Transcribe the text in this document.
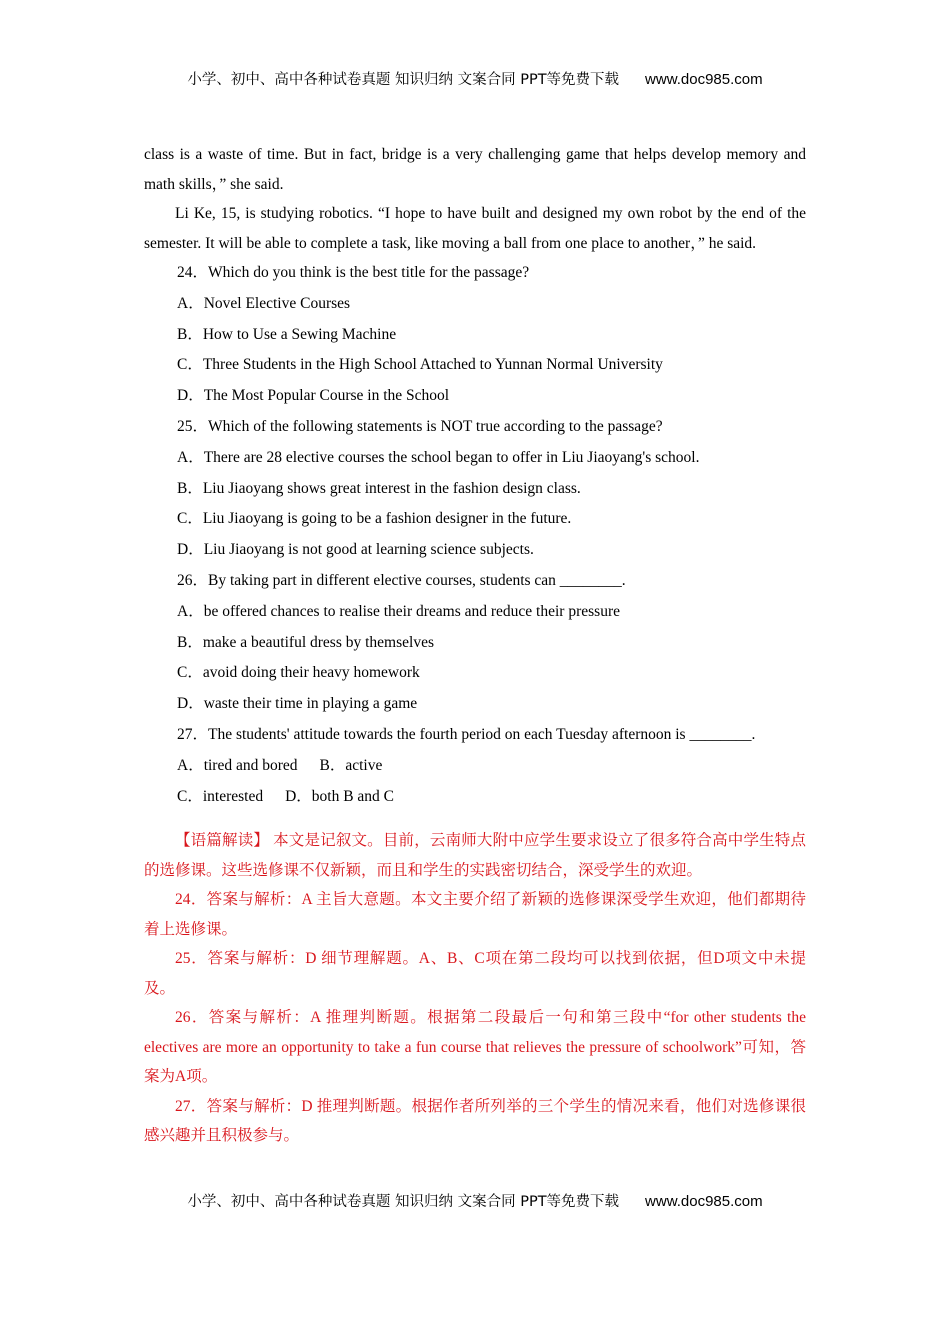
小学、初中、高中各种试卷真题 知识归纳 文案合同 PPT等免费下载 www.doc985.com

class is a waste of time. But in fact, bridge is a very challenging game that helps develop memory and math skills，” she said.

Li Ke, 15, is studying robotics. “I hope to have built and designed my own robot by the end of the semester. It will be able to complete a task, like moving a ball from one place to another，” he said.

24．Which do you think is the best title for the passage?

A．Novel Elective Courses

B．How to Use a Sewing Machine

C．Three Students in the High School Attached to Yunnan Normal University

D．The Most Popular Course in the School

25．Which of the following statements is NOT true according to the passage?

A．There are 28 elective courses the school began to offer in Liu Jiaoyang's school.

B．Liu Jiaoyang shows great interest in the fashion design class.

C．Liu Jiaoyang is going to be a fashion designer in the future.

D．Liu Jiaoyang is not good at learning science subjects.

26．By taking part in different elective courses, students can ________.

A．be offered chances to realise their dreams and reduce their pressure

B．make a beautiful dress by themselves

C．avoid doing their heavy homework

D．waste their time in playing a game

27．The students' attitude towards the fourth period on each Tuesday afternoon is ________.

A．tired and bored B．active

C．interested D．both B and C

【语篇解读】 本文是记叙文。目前，云南师大附中应学生要求设立了很多符合高中学生特点的选修课。这些选修课不仅新颖，而且和学生的实践密切结合，深受学生的欢迎。

24．答案与解析：A 主旨大意题。本文主要介绍了新颖的选修课深受学生欢迎，他们都期待着上选修课。

25．答案与解析：D 细节理解题。A、B、C项在第二段均可以找到依据，但D项文中未提及。

26．答案与解析：A 推理判断题。根据第二段最后一句和第三段中“for other students the electives are more an opportunity to take a fun course that relieves the pressure of schoolwork”可知，答案为A项。

27．答案与解析：D 推理判断题。根据作者所列举的三个学生的情况来看，他们对选修课很感兴趣并且积极参与。

小学、初中、高中各种试卷真题 知识归纳 文案合同 PPT等免费下载 www.doc985.com
